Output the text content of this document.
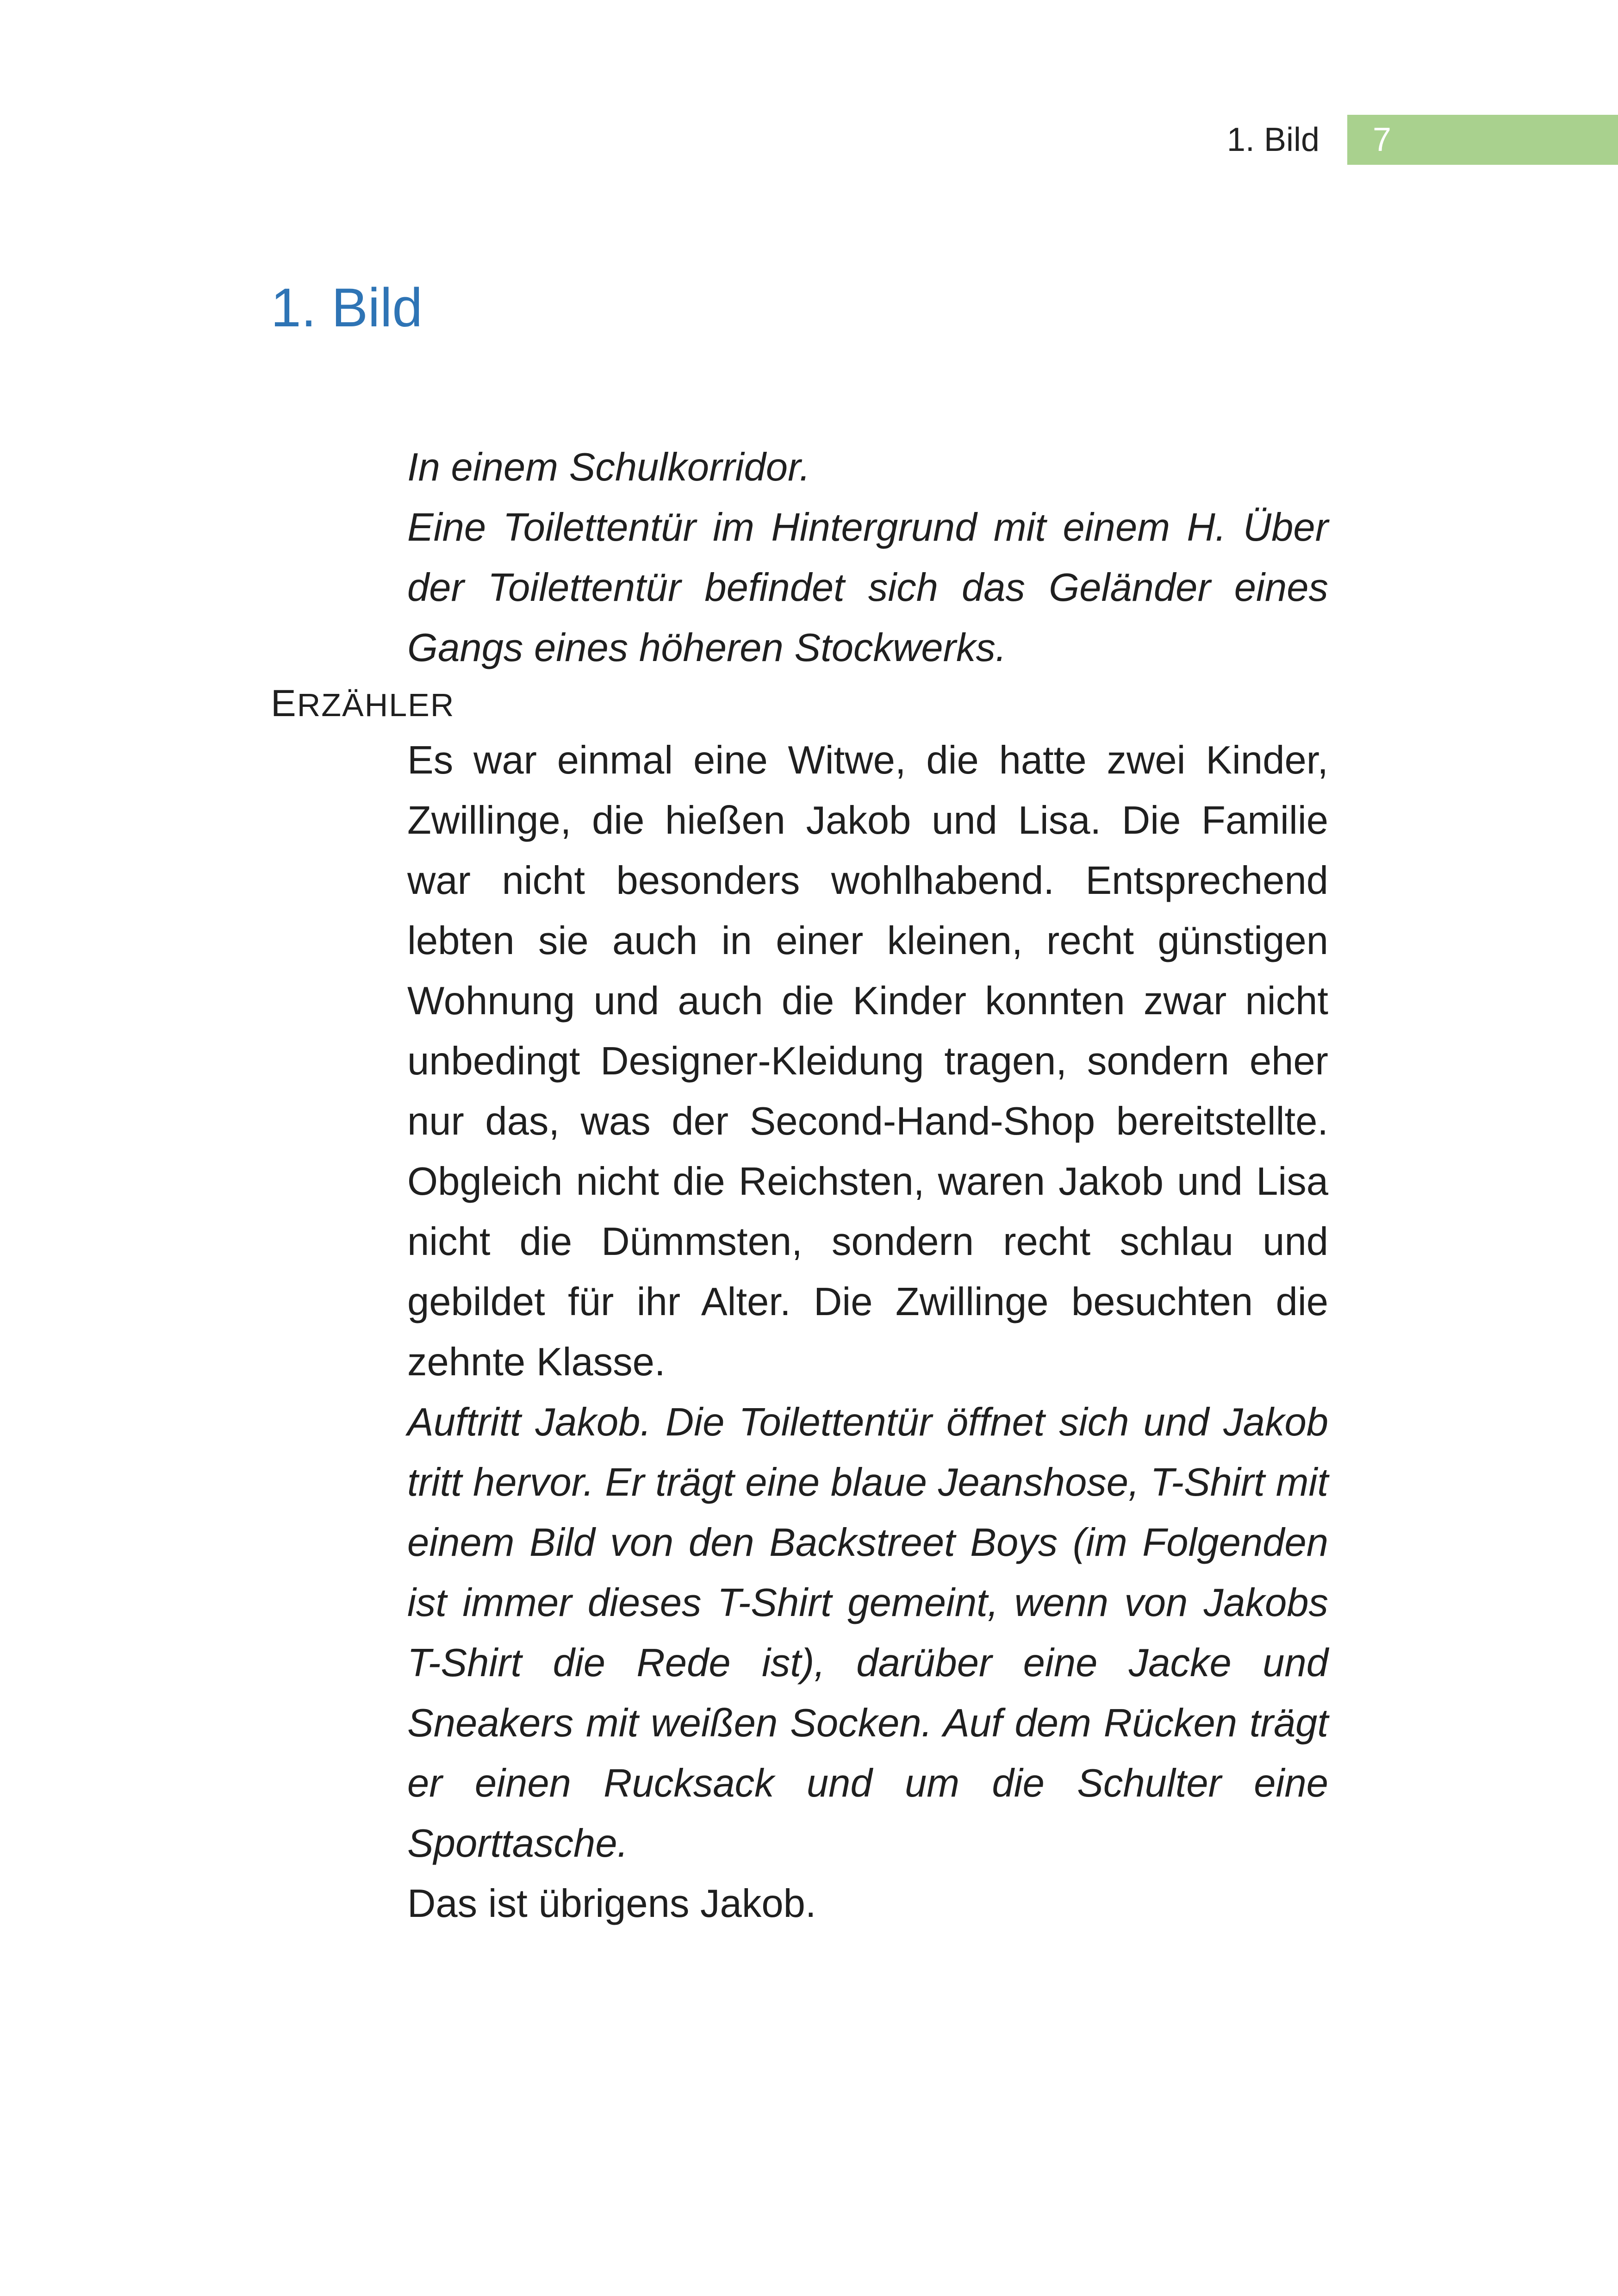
1. Bild	7
1. Bild

In einem Schulkorridor.

Eine Toilettentür im Hintergrund mit einem H. Über der Toilettentür befindet sich das Geländer eines Gangs eines höheren Stockwerks.

ERZÄHLER

Es war einmal eine Witwe, die hatte zwei Kinder, Zwillinge, die hießen Jakob und Lisa. Die Familie war nicht besonders wohlhabend. Entsprechend lebten sie auch in einer kleinen, recht günstigen Wohnung und auch die Kinder konnten zwar nicht unbedingt Designer-Kleidung tragen, sondern eher nur das, was der Second-Hand-Shop bereitstellte. Obgleich nicht die Reichsten, waren Jakob und Lisa nicht die Dümmsten, sondern recht schlau und gebildet für ihr Alter. Die Zwillinge besuchten die zehnte Klasse.

Auftritt Jakob. Die Toilettentür öffnet sich und Jakob tritt hervor. Er trägt eine blaue Jeanshose, T-Shirt mit einem Bild von den Backstreet Boys (im Folgenden ist immer dieses T-Shirt gemeint, wenn von Jakobs T-Shirt die Rede ist), darüber eine Jacke und Sneakers mit weißen Socken. Auf dem Rücken trägt er einen Rucksack und um die Schulter eine Sporttasche.

Das ist übrigens Jakob.
